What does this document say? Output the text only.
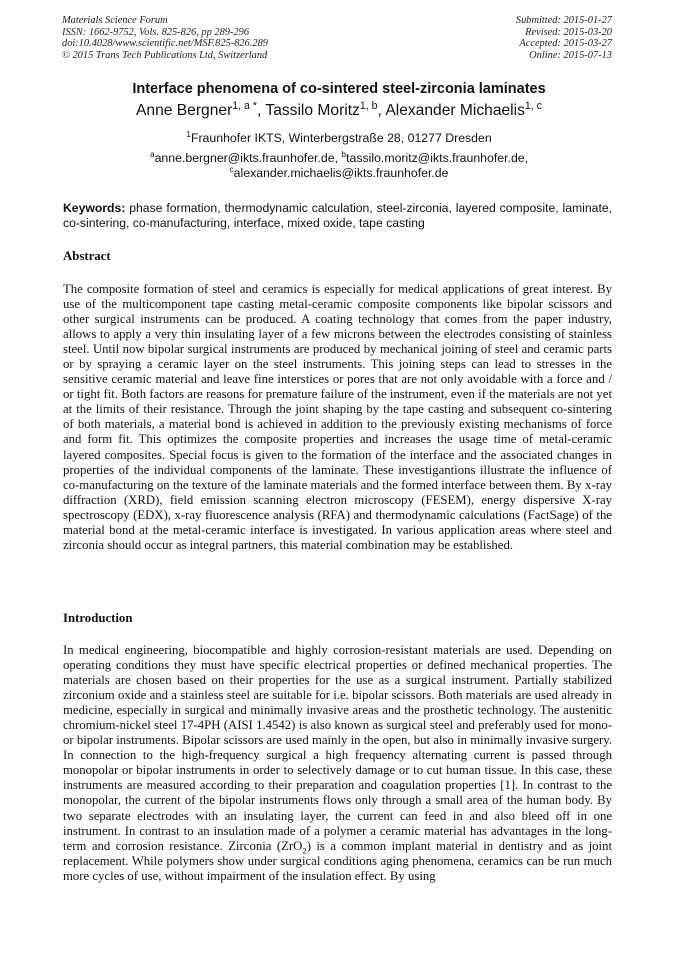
Materials Science Forum
ISSN: 1662-9752, Vols. 825-826, pp 289-296
doi:10.4028/www.scientific.net/MSF.825-826.289
© 2015 Trans Tech Publications Ltd, Switzerland
Submitted: 2015-01-27
Revised: 2015-03-20
Accepted: 2015-03-27
Online: 2015-07-13
Interface phenomena of co-sintered steel-zirconia laminates
Anne Bergner$^{1, a *}$, Tassilo Moritz$^{1, b}$, Alexander Michaelis$^{1, c}$
$^1$Fraunhofer IKTS, Winterbergstraße 28, 01277 Dresden
$^a$anne.bergner@ikts.fraunhofer.de, $^b$tassilo.moritz@ikts.fraunhofer.de,
$^c$alexander.michaelis@ikts.fraunhofer.de
Keywords: phase formation, thermodynamic calculation, steel-zirconia, layered composite, laminate, co-sintering, co-manufacturing, interface, mixed oxide, tape casting
Abstract
The composite formation of steel and ceramics is especially for medical applications of great interest. By use of the multicomponent tape casting metal-ceramic composite components like bipolar scissors and other surgical instruments can be produced. A coating technology that comes from the paper industry, allows to apply a very thin insulating layer of a few microns between the electrodes consisting of stainless steel. Until now bipolar surgical instruments are produced by mechanical joining of steel and ceramic parts or by spraying a ceramic layer on the steel instruments. This joining steps can lead to stresses in the sensitive ceramic material and leave fine interstices or pores that are not only avoidable with a force and / or tight fit. Both factors are reasons for premature failure of the instrument, even if the materials are not yet at the limits of their resistance. Through the joint shaping by the tape casting and subsequent co-sintering of both materials, a material bond is achieved in addition to the previously existing mechanisms of force and form fit. This optimizes the composite properties and increases the usage time of metal-ceramic layered composites. Special focus is given to the formation of the interface and the associated changes in properties of the individual components of the laminate. These investigantions illustrate the influence of co-manufacturing on the texture of the laminate materials and the formed interface between them. By x-ray diffraction (XRD), field emission scanning electron microscopy (FESEM), energy dispersive X-ray spectroscopy (EDX), x-ray fluorescence analysis (RFA) and thermodynamic calculations (FactSage) of the material bond at the metal-ceramic interface is investigated. In various application areas where steel and zirconia should occur as integral partners, this material combination may be established.
Introduction
In medical engineering, biocompatible and highly corrosion-resistant materials are used. Depending on operating conditions they must have specific electrical properties or defined mechanical properties. The materials are chosen based on their properties for the use as a surgical instrument. Partially stabilized zirconium oxide and a stainless steel are suitable for i.e. bipolar scissors. Both materials are used already in medicine, especially in surgical and minimally invasive areas and the prosthetic technology. The austenitic chromium-nickel steel 17-4PH (AISI 1.4542) is also known as surgical steel and preferably used for mono- or bipolar instruments. Bipolar scissors are used mainly in the open, but also in minimally invasive surgery. In connection to the high-frequency surgical a high frequency alternating current is passed through monopolar or bipolar instruments in order to selectively damage or to cut human tissue. In this case, these instruments are measured according to their preparation and coagulation properties [1]. In contrast to the monopolar, the current of the bipolar instruments flows only through a small area of the human body. By two separate electrodes with an insulating layer, the current can feed in and also bleed off in one instrument. In contrast to an insulation made of a polymer a ceramic material has advantages in the long-term and corrosion resistance. Zirconia (ZrO$_2$) is a common implant material in dentistry and as joint replacement. While polymers show under surgical conditions aging phenomena, ceramics can be run much more cycles of use, without impairment of the insulation effect. By using
